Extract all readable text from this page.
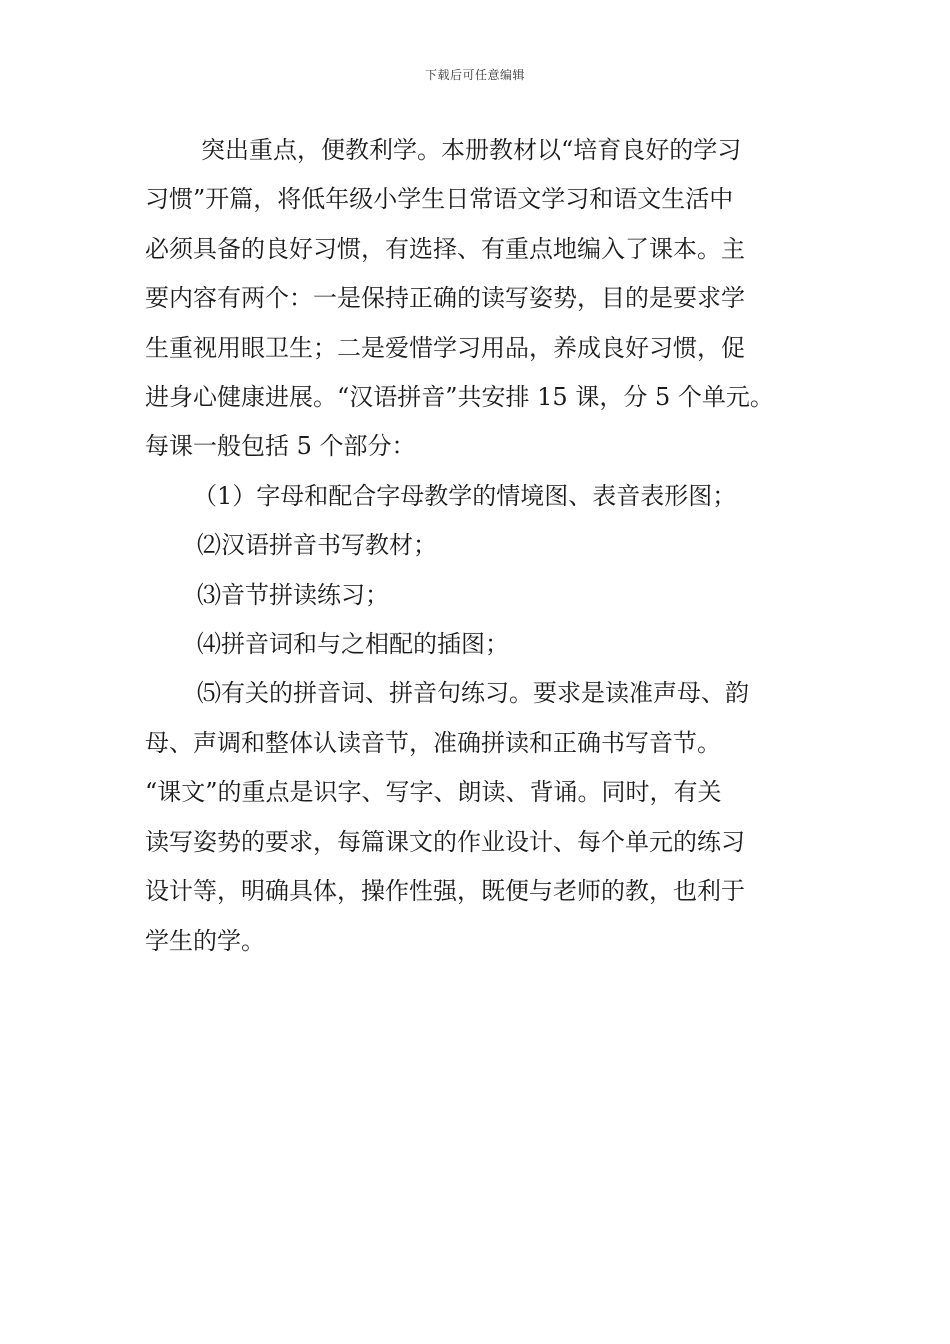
下载后可任意编辑

突出重点，便教利学。本册教材以“培育良好的学习

习惯”开篇，将低年级小学生日常语文学习和语文生活中

必须具备的良好习惯，有选择、有重点地编入了课本。主

要内容有两个：一是保持正确的读写姿势，目的是要求学

生重视用眼卫生；二是爱惜学习用品，养成良好习惯，促

进身心健康进展。“汉语拼音”共安排 15 课，分 5 个单元。

每课一般包括 5 个部分：

（1）字母和配合字母教学的情境图、表音表形图；

⑵汉语拼音书写教材；

⑶音节拼读练习；

⑷拼音词和与之相配的插图；

⑸有关的拼音词、拼音句练习。要求是读准声母、韵

母、声调和整体认读音节，准确拼读和正确书写音节。

“课文”的重点是识字、写字、朗读、背诵。同时，有关

读写姿势的要求，每篇课文的作业设计、每个单元的练习

设计等，明确具体，操作性强，既便与老师的教，也利于

学生的学。
